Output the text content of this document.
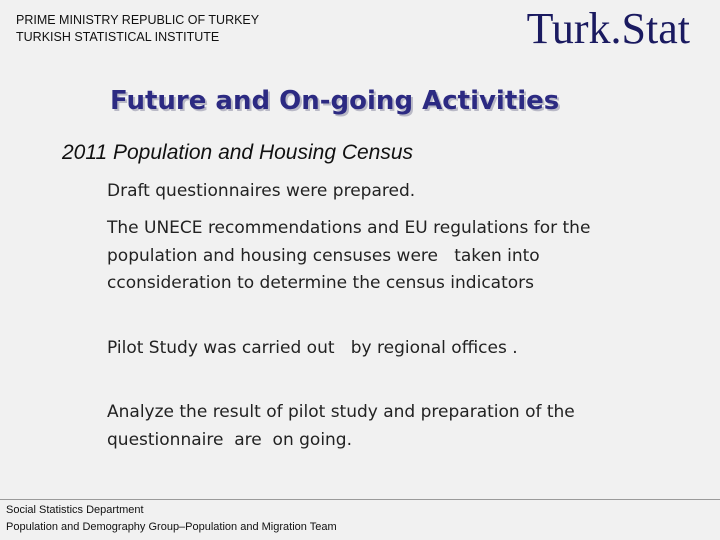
PRIME MINISTRY REPUBLIC OF TURKEY
TURKISH STATISTICAL INSTITUTE	Turk.Stat
Future and On-going Activities
2011 Population and Housing Census
Draft questionnaires were prepared.
The UNECE recommendations and EU regulations for the
population and housing censuses were   taken into
cconsideration to determine the census indicators
Pilot Study was carried out   by regional offices .
Analyze the result of pilot study and preparation of the
questionnaire  are  on going.
Social Statistics Department
Population and Demography Group–Population and Migration Team
